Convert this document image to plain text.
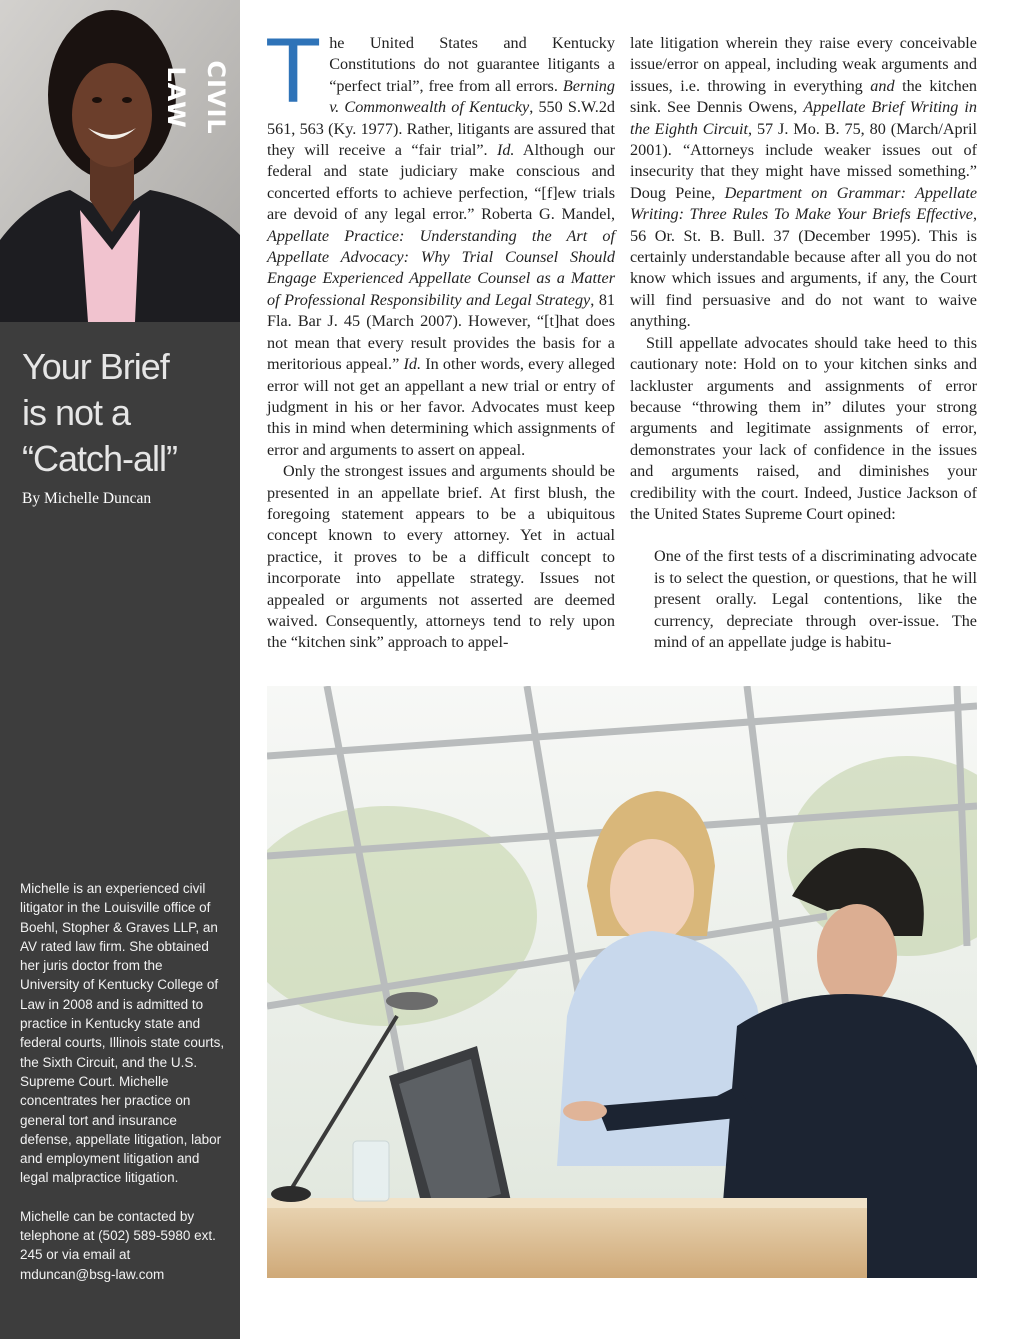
CIVIL LAW
Your Brief
is not a
“Catch-all”
By Michelle Duncan

Michelle is an experienced civil litigator in the Louisville office of Boehl, Stopher & Graves LLP, an AV rated law firm. She obtained her juris doctor from the University of Kentucky College of Law in 2008 and is admitted to practice in Kentucky state and federal courts, Illinois state courts, the Sixth Circuit, and the U.S. Supreme Court. Michelle concentrates her practice on general tort and insurance defense, appellate litigation, labor and employment litigation and legal malpractice litigation.

Michelle can be contacted by telephone at (502) 589-5980 ext. 245 or via email at mduncan@bsg-law.com

The United States and Kentucky Constitutions do not guarantee litigants a “perfect trial”, free from all errors. Berning v. Commonwealth of Kentucky, 550 S.W.2d 561, 563 (Ky. 1977). Rather, litigants are assured that they will receive a “fair trial”. Id. Although our federal and state judiciary make conscious and concerted efforts to achieve perfection, “[f]ew trials are devoid of any legal error.” Roberta G. Mandel, Appellate Practice: Understanding the Art of Appellate Advocacy: Why Trial Counsel Should Engage Experienced Appellate Counsel as a Matter of Professional Responsibility and Legal Strategy, 81 Fla. Bar J. 45 (March 2007). However, “[t]hat does not mean that every result provides the basis for a meritorious appeal.” Id. In other words, every alleged error will not get an appellant a new trial or entry of judgment in his or her favor. Advocates must keep this in mind when determining which assignments of error and arguments to assert on appeal.

Only the strongest issues and arguments should be presented in an appellate brief. At first blush, the foregoing statement appears to be a ubiquitous concept known to every attorney. Yet in actual practice, it proves to be a difficult concept to incorporate into appellate strategy. Issues not appealed or arguments not asserted are deemed waived. Consequently, attorneys tend to rely upon the “kitchen sink” approach to appel-

late litigation wherein they raise every conceivable issue/error on appeal, including weak arguments and issues, i.e. throwing in everything and the kitchen sink. See Dennis Owens, Appellate Brief Writing in the Eighth Circuit, 57 J. Mo. B. 75, 80 (March/April 2001). “Attorneys include weaker issues out of insecurity that they might have missed something.” Doug Peine, Department on Grammar: Appellate Writing: Three Rules To Make Your Briefs Effective, 56 Or. St. B. Bull. 37 (December 1995). This is certainly understandable because after all you do not know which issues and arguments, if any, the Court will find persuasive and do not want to waive anything.

Still appellate advocates should take heed to this cautionary note: Hold on to your kitchen sinks and lackluster arguments and assignments of error because “throwing them in” dilutes your strong arguments and legitimate assignments of error, demonstrates your lack of confidence in the issues and arguments raised, and diminishes your credibility with the court. Indeed, Justice Jackson of the United States Supreme Court opined:

One of the first tests of a discriminating advocate is to select the question, or questions, that he will present orally. Legal contentions, like the currency, depreciate through over-issue. The mind of an appellate judge is habitu-
